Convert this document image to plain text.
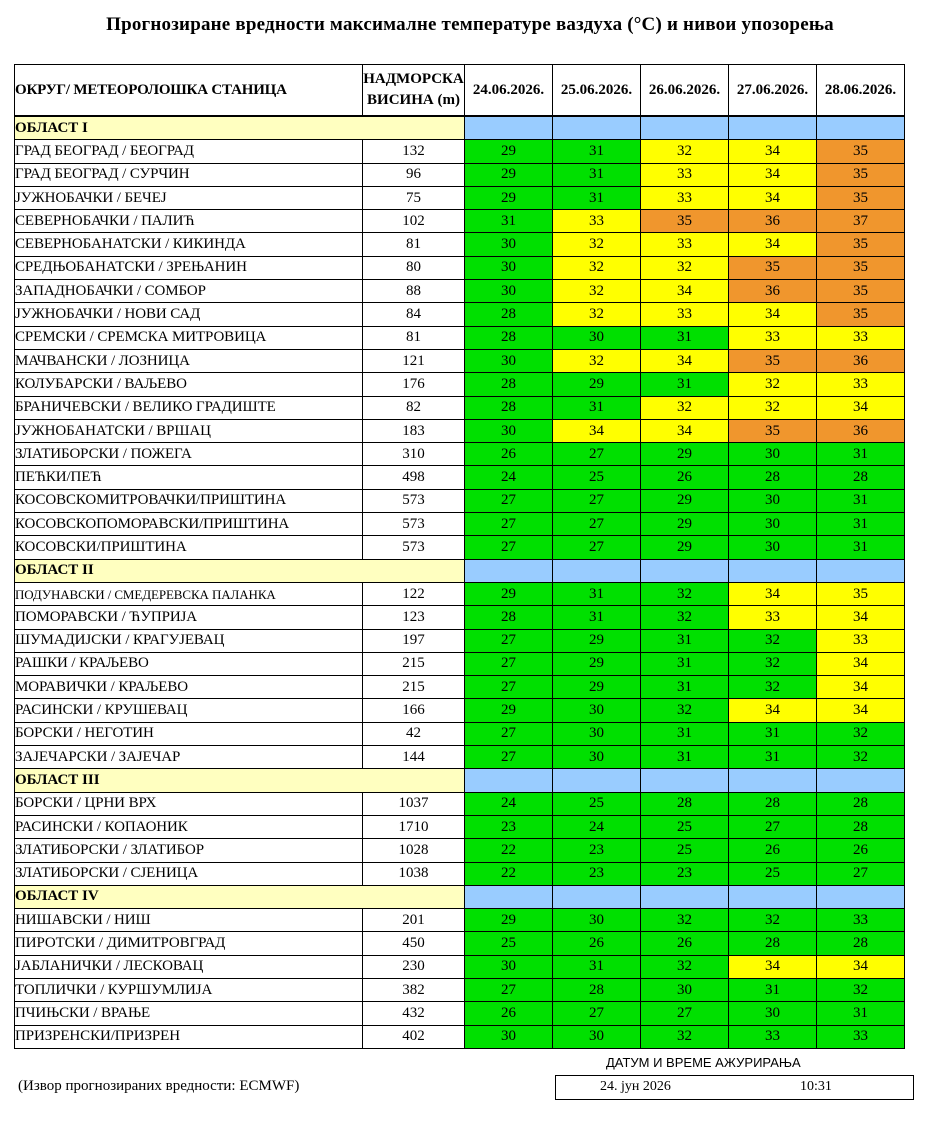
Прогнозиране вредности максималне температуре ваздуха (°C) и нивои упозорења
ОКРУГ/ МЕТЕОРОЛОШКА СТАНИЦА	НАДМОРСКА
ВИСИНА (m)	24.06.2026.	25.06.2026.	26.06.2026.	27.06.2026.	28.06.2026.
ОБЛАСТ I						
ГРАД БЕОГРАД / БЕОГРАД	132	29	31	32	34	35
ГРАД БЕОГРАД / СУРЧИН	96	29	31	33	34	35
ЈУЖНОБАЧКИ / БЕЧЕЈ	75	29	31	33	34	35
СЕВЕРНОБАЧКИ / ПАЛИЋ	102	31	33	35	36	37
СЕВЕРНОБАНАТСКИ / КИКИНДА	81	30	32	33	34	35
СРЕДЊОБАНАТСКИ / ЗРЕЊАНИН	80	30	32	32	35	35
ЗАПАДНОБАЧКИ / СОМБОР	88	30	32	34	36	35
ЈУЖНОБАЧКИ / НОВИ САД	84	28	32	33	34	35
СРЕМСКИ / СРЕМСКА МИТРОВИЦА	81	28	30	31	33	33
МАЧВАНСКИ / ЛОЗНИЦА	121	30	32	34	35	36
КОЛУБАРСКИ / ВАЉЕВО	176	28	29	31	32	33
БРАНИЧЕВСКИ / ВЕЛИКО ГРАДИШТЕ	82	28	31	32	32	34
ЈУЖНОБАНАТСКИ / ВРШАЦ	183	30	34	34	35	36
ЗЛАТИБОРСКИ / ПОЖЕГА	310	26	27	29	30	31
ПЕЋКИ/ПЕЋ	498	24	25	26	28	28
КОСОВСКОМИТРОВАЧКИ/ПРИШТИНА	573	27	27	29	30	31
КОСОВСКОПОМОРАВСКИ/ПРИШТИНА	573	27	27	29	30	31
КОСОВСКИ/ПРИШТИНА	573	27	27	29	30	31
ОБЛАСТ II						
ПОДУНАВСКИ / СМЕДЕРЕВСКА ПАЛАНКА	122	29	31	32	34	35
ПОМОРАВСКИ / ЋУПРИЈА	123	28	31	32	33	34
ШУМАДИЈСКИ / КРАГУЈЕВАЦ	197	27	29	31	32	33
РАШКИ / КРАЉЕВО	215	27	29	31	32	34
МОРАВИЧКИ / КРАЉЕВО	215	27	29	31	32	34
РАСИНСКИ / КРУШЕВАЦ	166	29	30	32	34	34
БОРСКИ / НЕГОТИН	42	27	30	31	31	32
ЗАЈЕЧАРСКИ / ЗАЈЕЧАР	144	27	30	31	31	32
ОБЛАСТ III						
БОРСКИ / ЦРНИ ВРХ	1037	24	25	28	28	28
РАСИНСКИ / КОПАОНИК	1710	23	24	25	27	28
ЗЛАТИБОРСКИ / ЗЛАТИБОР	1028	22	23	25	26	26
ЗЛАТИБОРСКИ / СЈЕНИЦА	1038	22	23	23	25	27
ОБЛАСТ IV						
НИШАВСКИ / НИШ	201	29	30	32	32	33
ПИРОТСКИ / ДИМИТРОВГРАД	450	25	26	26	28	28
ЈАБЛАНИЧКИ / ЛЕСКОВАЦ	230	30	31	32	34	34
ТОПЛИЧКИ / КУРШУМЛИЈА	382	27	28	30	31	32
ПЧИЊСКИ / ВРАЊЕ	432	26	27	27	30	31
ПРИЗРЕНСКИ/ПРИЗРЕН	402	30	30	32	33	33
ДАТУМ И ВРЕМЕ АЖУРИРАЊА
24. јун 2026	10:31
(Извор прогнозираних вредности: ECMWF)
